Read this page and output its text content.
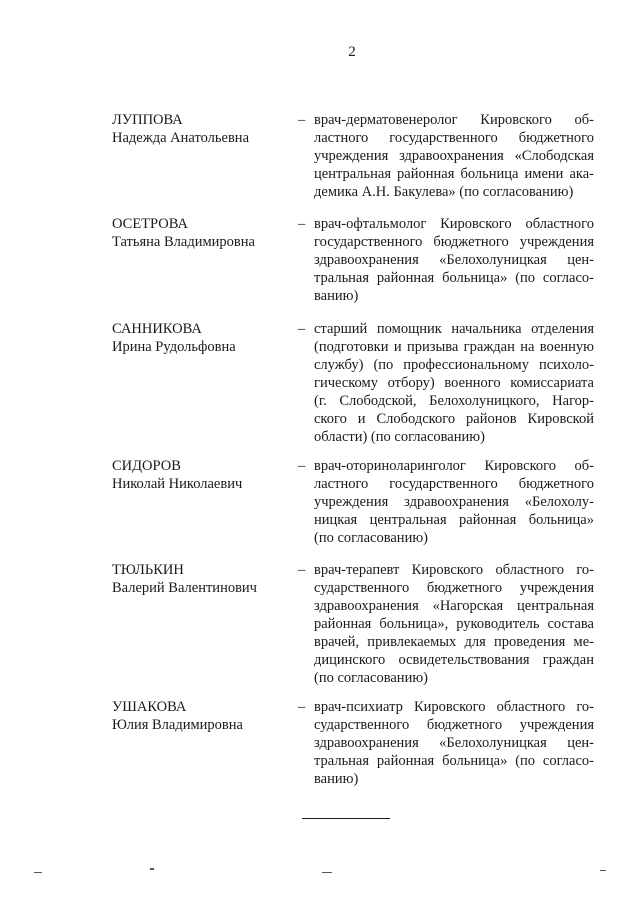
2
ЛУППОВА
Надежда Анатольевна
– врач-дерматовенеролог Кировского об-
ластного государственного бюджетного
учреждения здравоохранения «Слободская
центральная районная больница имени ака-
демика А.Н. Бакулева» (по согласованию)
ОСЕТРОВА
Татьяна Владимировна
– врач-офтальмолог Кировского областного
государственного бюджетного учреждения
здравоохранения «Белохолуницкая цен-
тральная районная больница» (по согласо-
ванию)
САННИКОВА
Ирина Рудольфовна
– старший помощник начальника отделения
(подготовки и призыва граждан на военную
службу) (по профессиональному психоло-
гическому отбору) военного комиссариата
(г. Слободской, Белохолуницкого, Нагор-
ского и Слободского районов Кировской
области) (по согласованию)
СИДОРОВ
Николай Николаевич
– врач-оториноларинголог Кировского об-
ластного государственного бюджетного
учреждения здравоохранения «Белохолу-
ницкая центральная районная больница»
(по согласованию)
ТЮЛЬКИН
Валерий Валентинович
– врач-терапевт Кировского областного го-
сударственного бюджетного учреждения
здравоохранения «Нагорская центральная
районная больница», руководитель состава
врачей, привлекаемых для проведения ме-
дицинского освидетельствования граждан
(по согласованию)
УШАКОВА
Юлия Владимировна
– врач-психиатр Кировского областного го-
сударственного бюджетного учреждения
здравоохранения «Белохолуницкая цен-
тральная районная больница» (по согласо-
ванию)
